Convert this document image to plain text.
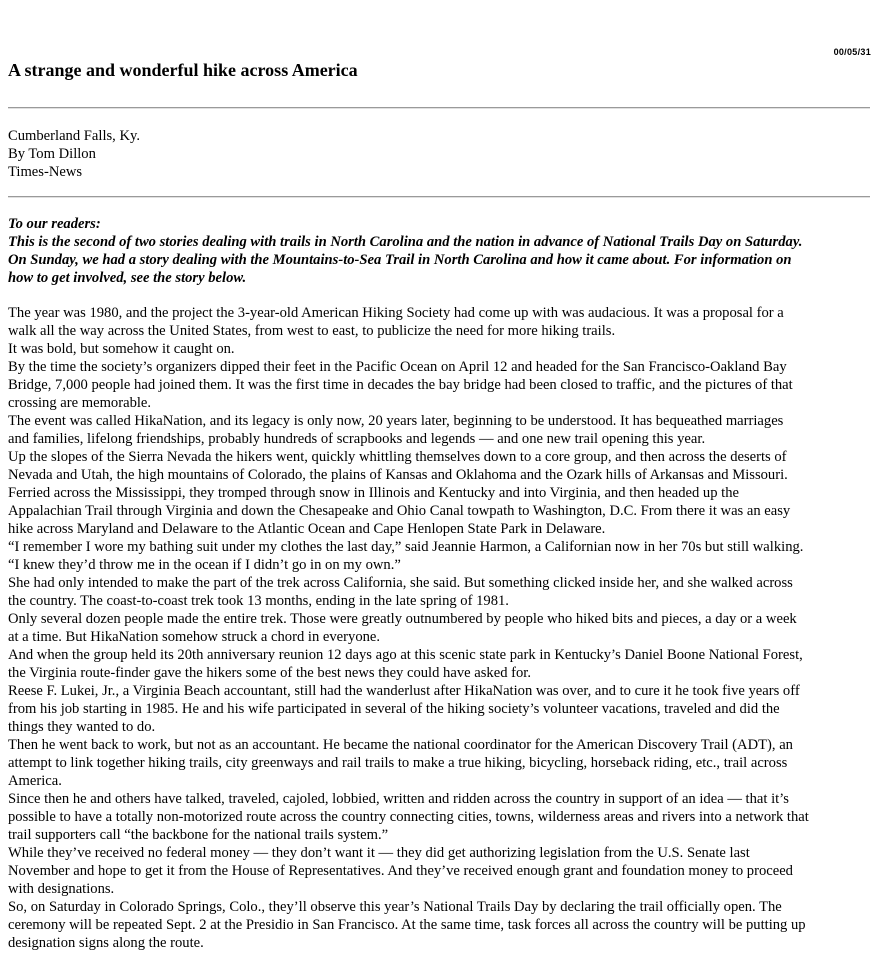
00/05/31
A strange and wonderful hike across America
Cumberland Falls, Ky.
By Tom Dillon
Times-News
To our readers:
This is the second of two stories dealing with trails in North Carolina and the nation in advance of National Trails Day on Saturday.
On Sunday, we had a story dealing with the Mountains-to-Sea Trail in North Carolina and how it came about. For information on
how to get involved, see the story below.
The year was 1980, and the project the 3-year-old American Hiking Society had come up with was audacious. It was a proposal for a
walk all the way across the United States, from west to east, to publicize the need for more hiking trails.
It was bold, but somehow it caught on.
By the time the society’s organizers dipped their feet in the Pacific Ocean on April 12 and headed for the San Francisco-Oakland Bay
Bridge, 7,000 people had joined them. It was the first time in decades the bay bridge had been closed to traffic, and the pictures of that
crossing are memorable.
The event was called HikaNation, and its legacy is only now, 20 years later, beginning to be understood. It has bequeathed marriages
and families, lifelong friendships, probably hundreds of scrapbooks and legends — and one new trail opening this year.
Up the slopes of the Sierra Nevada the hikers went, quickly whittling themselves down to a core group, and then across the deserts of
Nevada and Utah, the high mountains of Colorado, the plains of Kansas and Oklahoma and the Ozark hills of Arkansas and Missouri.
Ferried across the Mississippi, they tromped through snow in Illinois and Kentucky and into Virginia, and then headed up the
Appalachian Trail through Virginia and down the Chesapeake and Ohio Canal towpath to Washington, D.C. From there it was an easy
hike across Maryland and Delaware to the Atlantic Ocean and Cape Henlopen State Park in Delaware.
“I remember I wore my bathing suit under my clothes the last day,” said Jeannie Harmon, a Californian now in her 70s but still walking.
“I knew they’d throw me in the ocean if I didn’t go in on my own.”
She had only intended to make the part of the trek across California, she said. But something clicked inside her, and she walked across
the country. The coast-to-coast trek took 13 months, ending in the late spring of 1981.
Only several dozen people made the entire trek. Those were greatly outnumbered by people who hiked bits and pieces, a day or a week
at a time. But HikaNation somehow struck a chord in everyone.
And when the group held its 20th anniversary reunion 12 days ago at this scenic state park in Kentucky’s Daniel Boone National Forest,
the Virginia route-finder gave the hikers some of the best news they could have asked for.
Reese F. Lukei, Jr., a Virginia Beach accountant, still had the wanderlust after HikaNation was over, and to cure it he took five years off
from his job starting in 1985. He and his wife participated in several of the hiking society’s volunteer vacations, traveled and did the
things they wanted to do.
Then he went back to work, but not as an accountant. He became the national coordinator for the American Discovery Trail (ADT), an
attempt to link together hiking trails, city greenways and rail trails to make a true hiking, bicycling, horseback riding, etc., trail across
America.
Since then he and others have talked, traveled, cajoled, lobbied, written and ridden across the country in support of an idea — that it’s
possible to have a totally non-motorized route across the country connecting cities, towns, wilderness areas and rivers into a network that
trail supporters call “the backbone for the national trails system.”
While they’ve received no federal money — they don’t want it — they did get authorizing legislation from the U.S. Senate last
November and hope to get it from the House of Representatives. And they’ve received enough grant and foundation money to proceed
with designations.
So, on Saturday in Colorado Springs, Colo., they’ll observe this year’s National Trails Day by declaring the trail officially open. The
ceremony will be repeated Sept. 2 at the Presidio in San Francisco. At the same time, task forces all across the country will be putting up
designation signs along the route.
